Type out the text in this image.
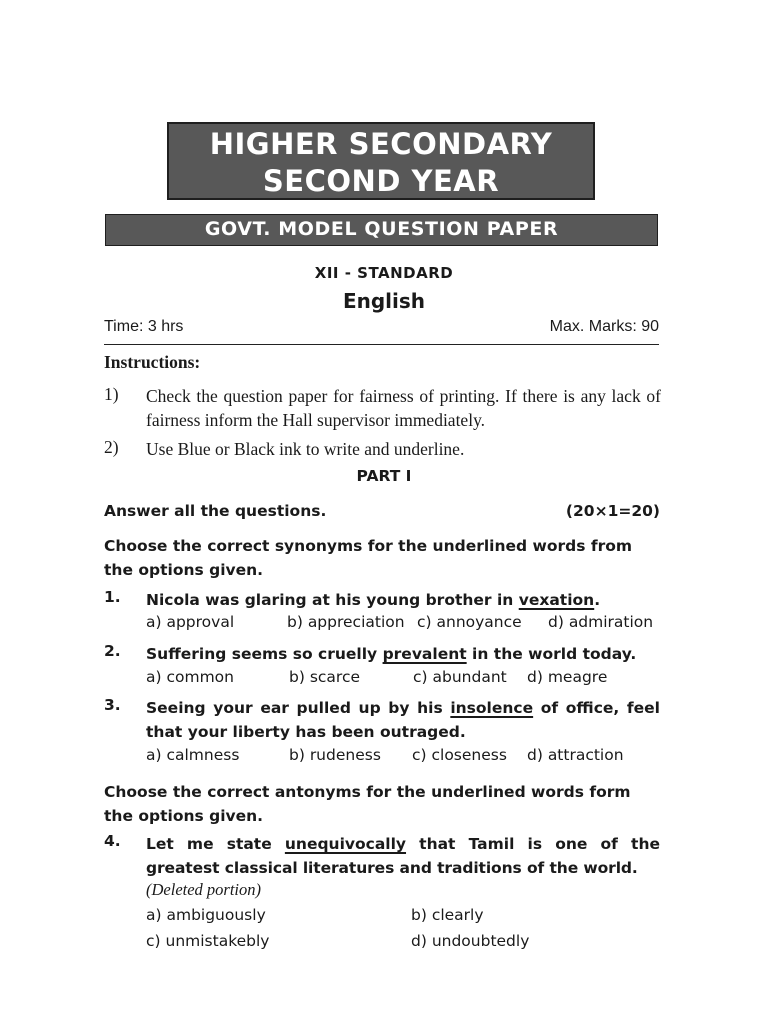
HIGHER SECONDARY
SECOND YEAR
GOVT. MODEL QUESTION PAPER
XII - STANDARD
English
Time: 3 hrs	Max. Marks: 90
Instructions:
1) Check the question paper for fairness of printing. If there is any lack of fairness inform the Hall supervisor immediately.
2) Use Blue or Black ink to write and underline.
PART I
Answer all the questions.	(20×1=20)
Choose the correct synonyms for the underlined words from the options given.
1. Nicola was glaring at his young brother in vexation.
a) approval	b) appreciation c) annoyance d) admiration
2. Suffering seems so cruelly prevalent in the world today.
a) common	b) scarce	c) abundant d) meagre
3. Seeing your ear pulled up by his insolence of office, feel
that your liberty has been outraged.
a) calmness	b) rudeness c) closeness d) attraction
Choose the correct antonyms for the underlined words form the options given.
4. Let me state unequivocally that Tamil is one of the
greatest classical literatures and traditions of the world.
(Deleted portion)
a) ambiguously	b) clearly
c) unmistakebly	d) undoubtedly
